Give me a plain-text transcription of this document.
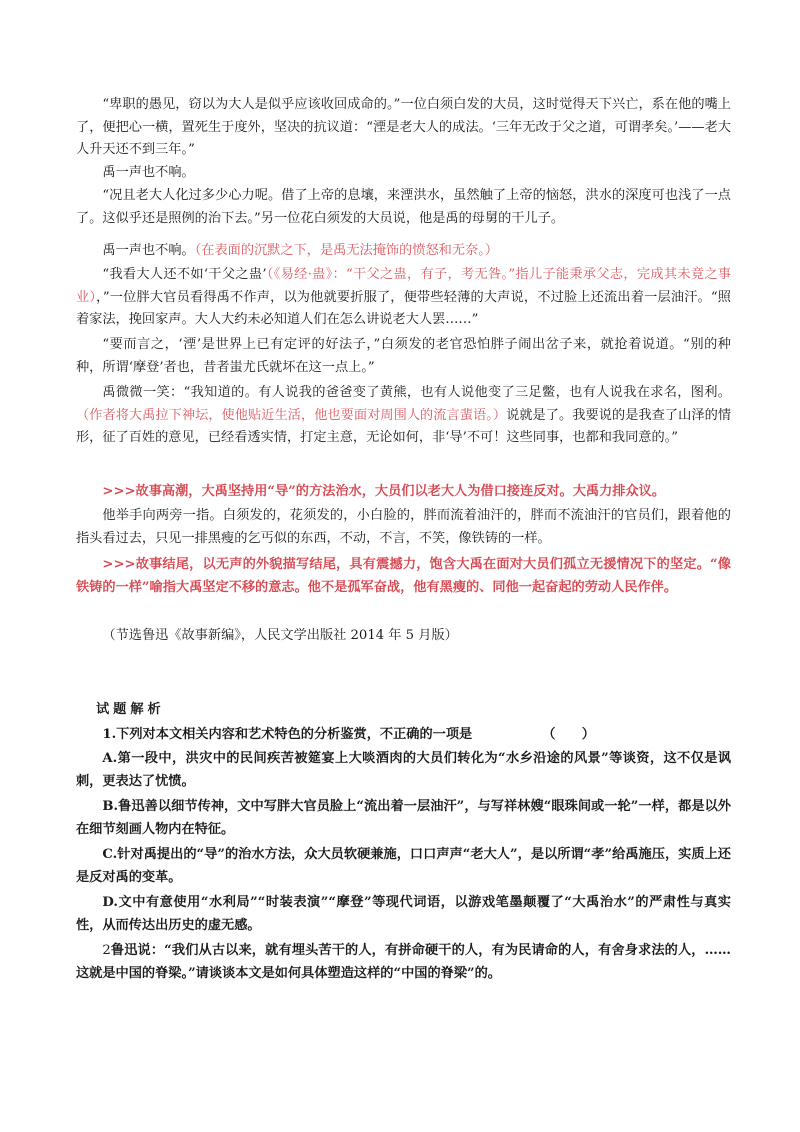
“卑职的愚见，窃以为大人是似乎应该收回成命的。”一位白须白发的大员，这时觉得天下兴亡，系在他的嘴上了，便把心一横，置死生于度外，坚决的抗议道：“湮是老大人的成法。‘三年无改于父之道，可谓孝矣。’——老大人升天还不到三年。”

禹一声也不响。

“况且老大人化过多少心力呢。借了上帝的息壤，来湮洪水，虽然触了上帝的恼怒，洪水的深度可也浅了一点了。这似乎还是照例的治下去。”另一位花白须发的大员说，他是禹的母舅的干儿子。

禹一声也不响。（在表面的沉默之下，是禹无法掩饰的愤怒和无奈。）

“我看大人还不如‘干父之蛊’（《易经·蛊》：“干父之蛊，有子，考无咎。”指儿子能秉承父志，完成其未竟之事业），”一位胖大官员看得禹不作声，以为他就要折服了，便带些轻薄的大声说，不过脸上还流出着一层油汗。“照着家法，挽回家声。大人大约未必知道人们在怎么讲说老大人罢……”

“要而言之，‘湮’是世界上已有定评的好法子，”白须发的老官恐怕胖子闹出岔子来，就抢着说道。“别的种种，所谓‘摩登’者也，昔者蚩尤氏就坏在这一点上。”

禹微微一笑：“我知道的。有人说我的爸爸变了黄熊，也有人说他变了三足鳖，也有人说我在求名，图利。（作者将大禹拉下神坛，使他贴近生活，他也要面对周围人的流言蜚语。）说就是了。我要说的是我查了山泽的情形，征了百姓的意见，已经看透实情，打定主意，无论如何，非‘导’不可！这些同事，也都和我同意的。”

>>>故事高潮，大禹坚持用“导”的方法治水，大员们以老大人为借口接连反对。大禹力排众议。

他举手向两旁一指。白须发的，花须发的，小白脸的，胖而流着油汗的，胖而不流油汗的官员们，跟着他的指头看过去，只见一排黑瘦的乞丐似的东西，不动，不言，不笑，像铁铸的一样。

>>>故事结尾，以无声的外貌描写结尾，具有震撼力，饱含大禹在面对大员们孤立无援情况下的坚定。“像铁铸的一样”喻指大禹坚定不移的意志。他不是孤军奋战，他有黑瘦的、同他一起奋起的劳动人民作伴。

（节选鲁迅《故事新编》，人民文学出版社 2014 年 5 月版）

试题解析

1.下列对本文相关内容和艺术特色的分析鉴赏，不正确的一项是	（　　）

A.第一段中，洪灾中的民间疾苦被筵宴上大啖酒肉的大员们转化为“水乡沿途的风景”等谈资，这不仅是讽刺，更表达了忧愤。

B.鲁迅善以细节传神，文中写胖大官员脸上“流出着一层油汗”，与写祥林嫂“眼珠间或一轮”一样，都是以外在细节刻画人物内在特征。

C.针对禹提出的“导”的治水方法，众大员软硬兼施，口口声声“老大人”，是以所谓“孝”给禹施压，实质上还是反对禹的变革。

D.文中有意使用“水利局”“时装表演”“摩登”等现代词语，以游戏笔墨颠覆了“大禹治水”的严肃性与真实性，从而传达出历史的虚无感。

2鲁迅说：“我们从古以来，就有埋头苦干的人，有拼命硬干的人，有为民请命的人，有舍身求法的人，……这就是中国的脊梁。”请谈谈本文是如何具体塑造这样的“中国的脊梁”的。
